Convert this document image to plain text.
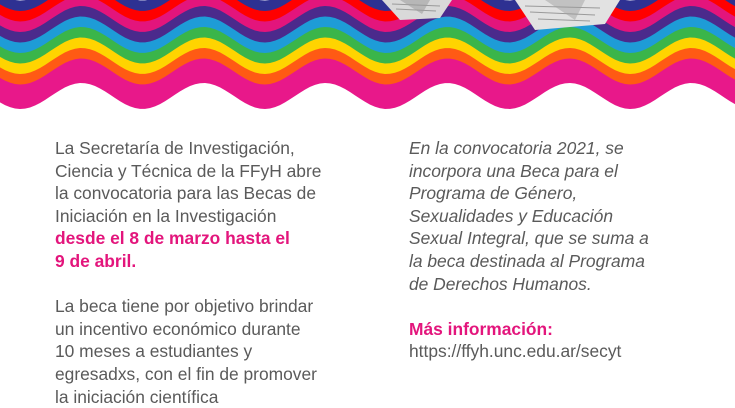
La Secretaría de Investigación,
Ciencia y Técnica de la FFyH abre
la convocatoria para las Becas de
Iniciación en la Investigación
desde el 8 de marzo hasta el
9 de abril.
La beca tiene por objetivo brindar
un incentivo económico durante
10 meses a estudiantes y
egresadxs, con el fin de promover
la iniciación científica
En la convocatoria 2021, se
incorpora una Beca para el
Programa de Género,
Sexualidades y Educación
Sexual Integral, que se suma a
la beca destinada al Programa
de Derechos Humanos.
Más información:
https://ffyh.unc.edu.ar/secyt
